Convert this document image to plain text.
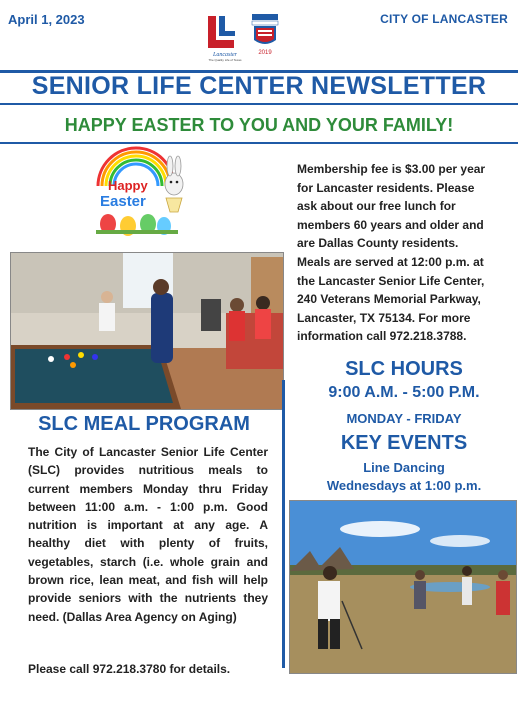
April 1, 2023	CITY OF LANCASTER
Lancaster
The Quality Life of Texas
2019
SENIOR LIFE CENTER NEWSLETTER
HAPPY EASTER TO YOU AND YOUR FAMILY!
Happy
Easter
Membership fee is $3.00 per year
for Lancaster residents. Please
ask about our free lunch for
members 60 years and older and
are Dallas County residents.
Meals are served at 12:00 p.m. at
the Lancaster Senior Life Center,
240 Veterans Memorial Parkway,
Lancaster, TX 75134. For more
information call 972.218.3788.
SLC HOURS
9:00 A.M. - 5:00 P.M.
MONDAY - FRIDAY
KEY EVENTS
Line Dancing
Wednesdays at 1:00 p.m.
SLC MEAL PROGRAM
The City of Lancaster Senior Life Center (SLC) provides nutritious meals to current members Monday thru Friday between 11:00 a.m. - 1:00 p.m. Good nutrition is important at any age. A healthy diet with plenty of fruits, vegetables, starch (i.e. whole grain and brown rice, lean meat, and fish will help provide seniors with the nutrients they need. (Dallas Area Agency on Aging)
Please call 972.218.3780 for details.
